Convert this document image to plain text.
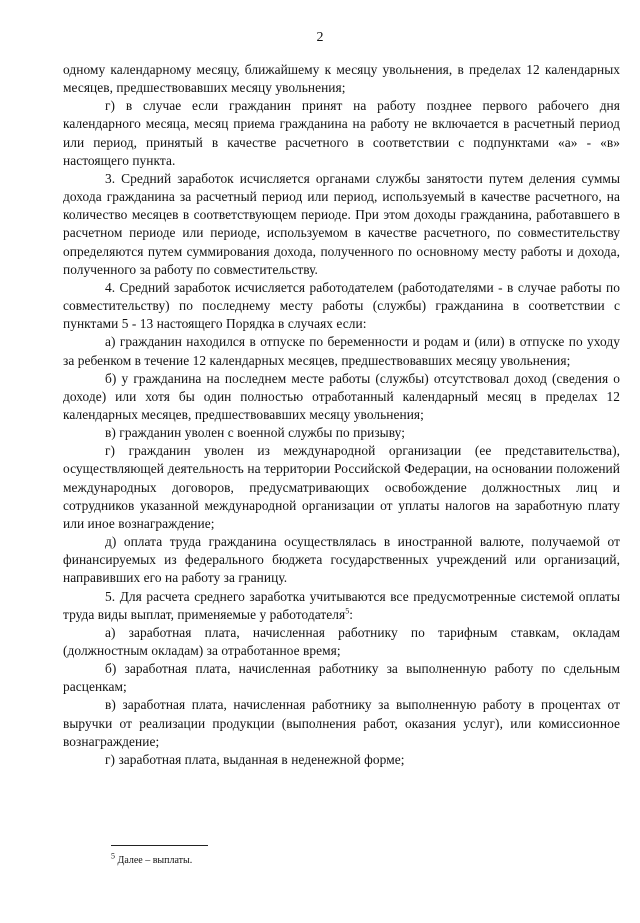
2

одному календарному месяцу, ближайшему к месяцу увольнения, в пределах 12 календарных месяцев, предшествовавших месяцу увольнения;

г) в случае если гражданин принят на работу позднее первого рабочего дня календарного месяца, месяц приема гражданина на работу не включается в расчетный период или период, принятый в качестве расчетного в соответствии с подпунктами «а» - «в» настоящего пункта.

3. Средний заработок исчисляется органами службы занятости путем деления суммы дохода гражданина за расчетный период или период, используемый в качестве расчетного, на количество месяцев в соответствующем периоде. При этом доходы гражданина, работавшего в расчетном периоде или периоде, используемом в качестве расчетного, по совместительству определяются путем суммирования дохода, полученного по основному месту работы и дохода, полученного за работу по совместительству.

4. Средний заработок исчисляется работодателем (работодателями - в случае работы по совместительству) по последнему месту работы (службы) гражданина в соответствии с пунктами 5 - 13 настоящего Порядка в случаях если:

а) гражданин находился в отпуске по беременности и родам и (или) в отпуске по уходу за ребенком в течение 12 календарных месяцев, предшествовавших месяцу увольнения;

б) у гражданина на последнем месте работы (службы) отсутствовал доход (сведения о доходе) или хотя бы один полностью отработанный календарный месяц в пределах 12 календарных месяцев, предшествовавших месяцу увольнения;

в) гражданин уволен с военной службы по призыву;

г) гражданин уволен из международной организации (ее представительства), осуществляющей деятельность на территории Российской Федерации, на основании положений международных договоров, предусматривающих освобождение должностных лиц и сотрудников указанной международной организации от уплаты налогов на заработную плату или иное вознаграждение;

д) оплата труда гражданина осуществлялась в иностранной валюте, получаемой от финансируемых из федерального бюджета государственных учреждений или организаций, направивших его на работу за границу.

5. Для расчета среднего заработка учитываются все предусмотренные системой оплаты труда виды выплат, применяемые у работодателя$^5$:

а) заработная плата, начисленная работнику по тарифным ставкам, окладам (должностным окладам) за отработанное время;

б) заработная плата, начисленная работнику за выполненную работу по сдельным расценкам;

в) заработная плата, начисленная работнику за выполненную работу в процентах от выручки от реализации продукции (выполнения работ, оказания услуг), или комиссионное вознаграждение;

г) заработная плата, выданная в неденежной форме;

$^5$ Далее – выплаты.
